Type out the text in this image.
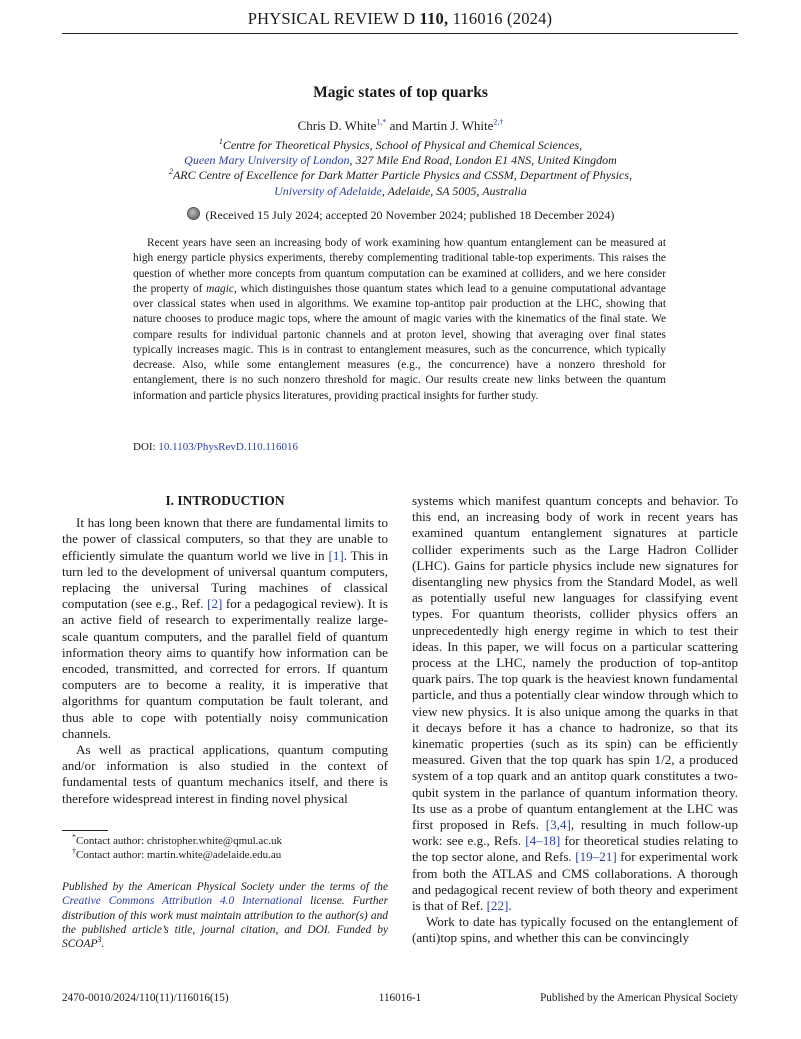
PHYSICAL REVIEW D 110, 116016 (2024)
Magic states of top quarks
Chris D. White$^{1,*}$ and Martin J. White$^{2,\dagger}$
$^1$Centre for Theoretical Physics, School of Physical and Chemical Sciences,
Queen Mary University of London, 327 Mile End Road, London E1 4NS, United Kingdom
$^2$ARC Centre of Excellence for Dark Matter Particle Physics and CSSM, Department of Physics,
University of Adelaide, Adelaide, SA 5005, Australia
(Received 15 July 2024; accepted 20 November 2024; published 18 December 2024)
Recent years have seen an increasing body of work examining how quantum entanglement can be measured at high energy particle physics experiments, thereby complementing traditional table-top experiments. This raises the question of whether more concepts from quantum computation can be examined at colliders, and we here consider the property of magic, which distinguishes those quantum states which lead to a genuine computational advantage over classical states when used in algorithms. We examine top-antitop pair production at the LHC, showing that nature chooses to produce magic tops, where the amount of magic varies with the kinematics of the final state. We compare results for individual partonic channels and at proton level, showing that averaging over final states typically increases magic. This is in contrast to entanglement measures, such as the concurrence, which typically decrease. Also, while some entanglement measures (e.g., the concurrence) have a nonzero threshold for entanglement, there is no such nonzero threshold for magic. Our results create new links between the quantum information and particle physics literatures, providing practical insights for further study.
DOI: 10.1103/PhysRevD.110.116016
I. INTRODUCTION

It has long been known that there are fundamental limits to the power of classical computers, so that they are unable to efficiently simulate the quantum world we live in [1]. This in turn led to the development of universal quantum computers, replacing the universal Turing machines of classical computation (see e.g., Ref. [2] for a pedagogical review). It is an active field of research to experimentally realize large-scale quantum computers, and the parallel field of quantum information theory aims to quantify how information can be encoded, transmitted, and corrected for errors. If quantum computers are to become a reality, it is imperative that algorithms for quantum computation be fault tolerant, and thus able to cope with potentially noisy communication channels.

As well as practical applications, quantum computing and/or information is also studied in the context of fundamental tests of quantum mechanics itself, and there is therefore widespread interest in finding novel physical

*Contact author: christopher.white@qmul.ac.uk
†Contact author: martin.white@adelaide.edu.au
Published by the American Physical Society under the terms of the Creative Commons Attribution 4.0 International license. Further distribution of this work must maintain attribution to the author(s) and the published article’s title, journal citation, and DOI. Funded by SCOAP$^3$.

systems which manifest quantum concepts and behavior. To this end, an increasing body of work in recent years has examined quantum entanglement signatures at particle collider experiments such as the Large Hadron Collider (LHC). Gains for particle physics include new signatures for disentangling new physics from the Standard Model, as well as potentially useful new languages for classifying event types. For quantum theorists, collider physics offers an unprecedentedly high energy regime in which to test their ideas. In this paper, we will focus on a particular scattering process at the LHC, namely the production of top-antitop quark pairs. The top quark is the heaviest known fundamental particle, and thus a potentially clear window through which to view new physics. It is also unique among the quarks in that it decays before it has a chance to hadronize, so that its kinematic properties (such as its spin) can be efficiently measured. Given that the top quark has spin 1/2, a produced system of a top quark and an antitop quark constitutes a two-qubit system in the parlance of quantum information theory. Its use as a probe of quantum entanglement at the LHC was first proposed in Refs. [3,4], resulting in much follow-up work: see e.g., Refs. [4–18] for theoretical studies relating to the top sector alone, and Refs. [19–21] for experimental work from both the ATLAS and CMS collaborations. A thorough and pedagogical recent review of both theory and experiment is that of Ref. [22].

Work to date has typically focused on the entanglement of (anti)top spins, and whether this can be convincingly

2470-0010/2024/110(11)/116016(15)	116016-1	Published by the American Physical Society
